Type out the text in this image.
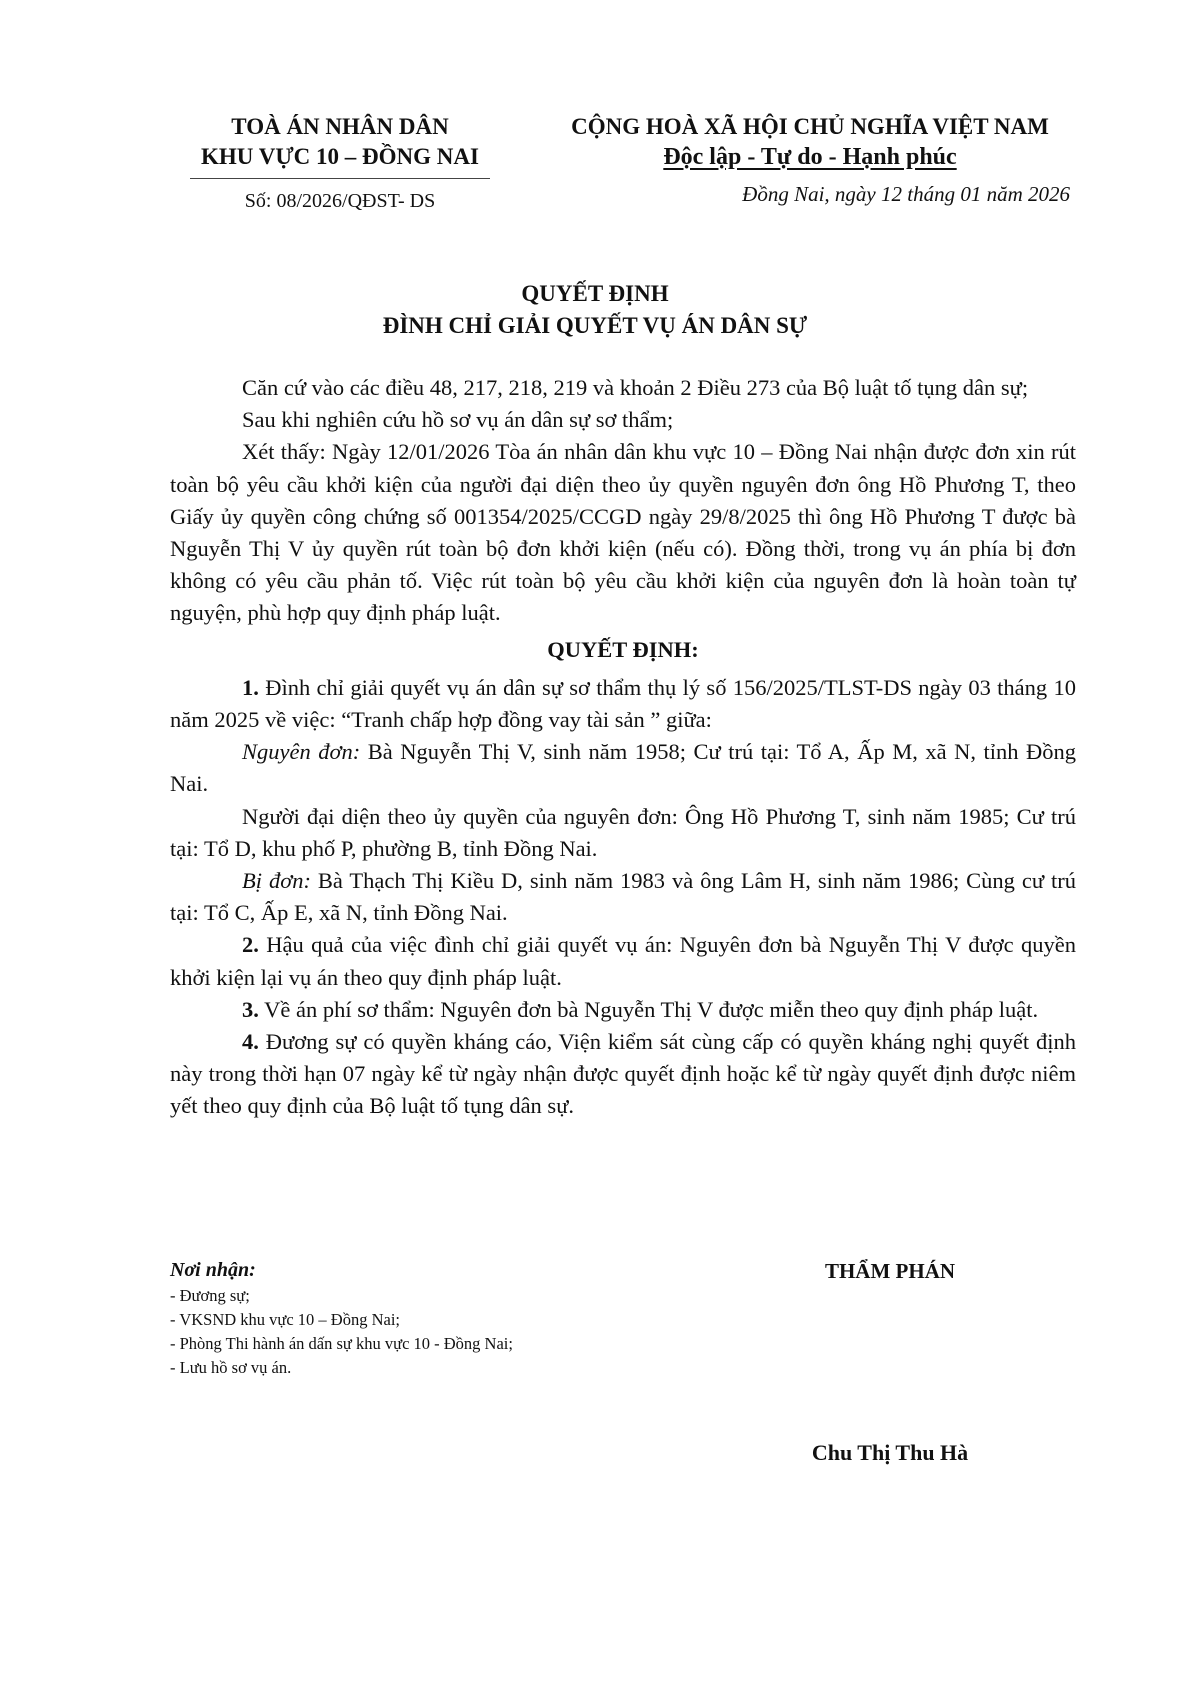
TOÀ ÁN NHÂN DÂN
KHU VỰC 10 – ĐỒNG NAI
Số: 08/2026/QĐST- DS
CỘNG HOÀ XÃ HỘI CHỦ NGHĨA VIỆT NAM
Độc lập - Tự do - Hạnh phúc
Đồng Nai, ngày 12 tháng 01 năm 2026
QUYẾT ĐỊNH
ĐÌNH CHỈ GIẢI QUYẾT VỤ ÁN DÂN SỰ

Căn cứ vào các điều 48, 217, 218, 219 và khoản 2 Điều 273 của Bộ luật tố tụng dân sự;

Sau khi nghiên cứu hồ sơ vụ án dân sự sơ thẩm;

Xét thấy: Ngày 12/01/2026 Tòa án nhân dân khu vực 10 – Đồng Nai nhận được đơn xin rút toàn bộ yêu cầu khởi kiện của người đại diện theo ủy quyền nguyên đơn ông Hồ Phương T, theo Giấy ủy quyền công chứng số 001354/2025/CCGD ngày 29/8/2025 thì ông Hồ Phương T được bà Nguyễn Thị V ủy quyền rút toàn bộ đơn khởi kiện (nếu có). Đồng thời, trong vụ án phía bị đơn không có yêu cầu phản tố. Việc rút toàn bộ yêu cầu khởi kiện của nguyên đơn là hoàn toàn tự nguyện, phù hợp quy định pháp luật.

QUYẾT ĐỊNH:

1. Đình chỉ giải quyết vụ án dân sự sơ thẩm thụ lý số 156/2025/TLST-DS ngày 03 tháng 10 năm 2025 về việc: “Tranh chấp hợp đồng vay tài sản ” giữa:

Nguyên đơn: Bà Nguyễn Thị V, sinh năm 1958; Cư trú tại: Tổ A, Ấp M, xã N, tỉnh Đồng Nai.

Người đại diện theo ủy quyền của nguyên đơn: Ông Hồ Phương T, sinh năm 1985; Cư trú tại: Tổ D, khu phố P, phường B, tỉnh Đồng Nai.

Bị đơn: Bà Thạch Thị Kiều D, sinh năm 1983 và ông Lâm H, sinh năm 1986; Cùng cư trú tại: Tổ C, Ấp E, xã N, tỉnh Đồng Nai.

2. Hậu quả của việc đình chỉ giải quyết vụ án: Nguyên đơn bà Nguyễn Thị V được quyền khởi kiện lại vụ án theo quy định pháp luật.

3. Về án phí sơ thẩm: Nguyên đơn bà Nguyễn Thị V được miễn theo quy định pháp luật.

4. Đương sự có quyền kháng cáo, Viện kiểm sát cùng cấp có quyền kháng nghị quyết định này trong thời hạn 07 ngày kể từ ngày nhận được quyết định hoặc kể từ ngày quyết định được niêm yết theo quy định của Bộ luật tố tụng dân sự.

Nơi nhận:
- Đương sự;
- VKSND khu vực 10 – Đồng Nai;
- Phòng Thi hành án dấn sự khu vực 10 - Đồng Nai;
- Lưu hồ sơ vụ án.
THẨM PHÁN
Chu Thị Thu Hà
